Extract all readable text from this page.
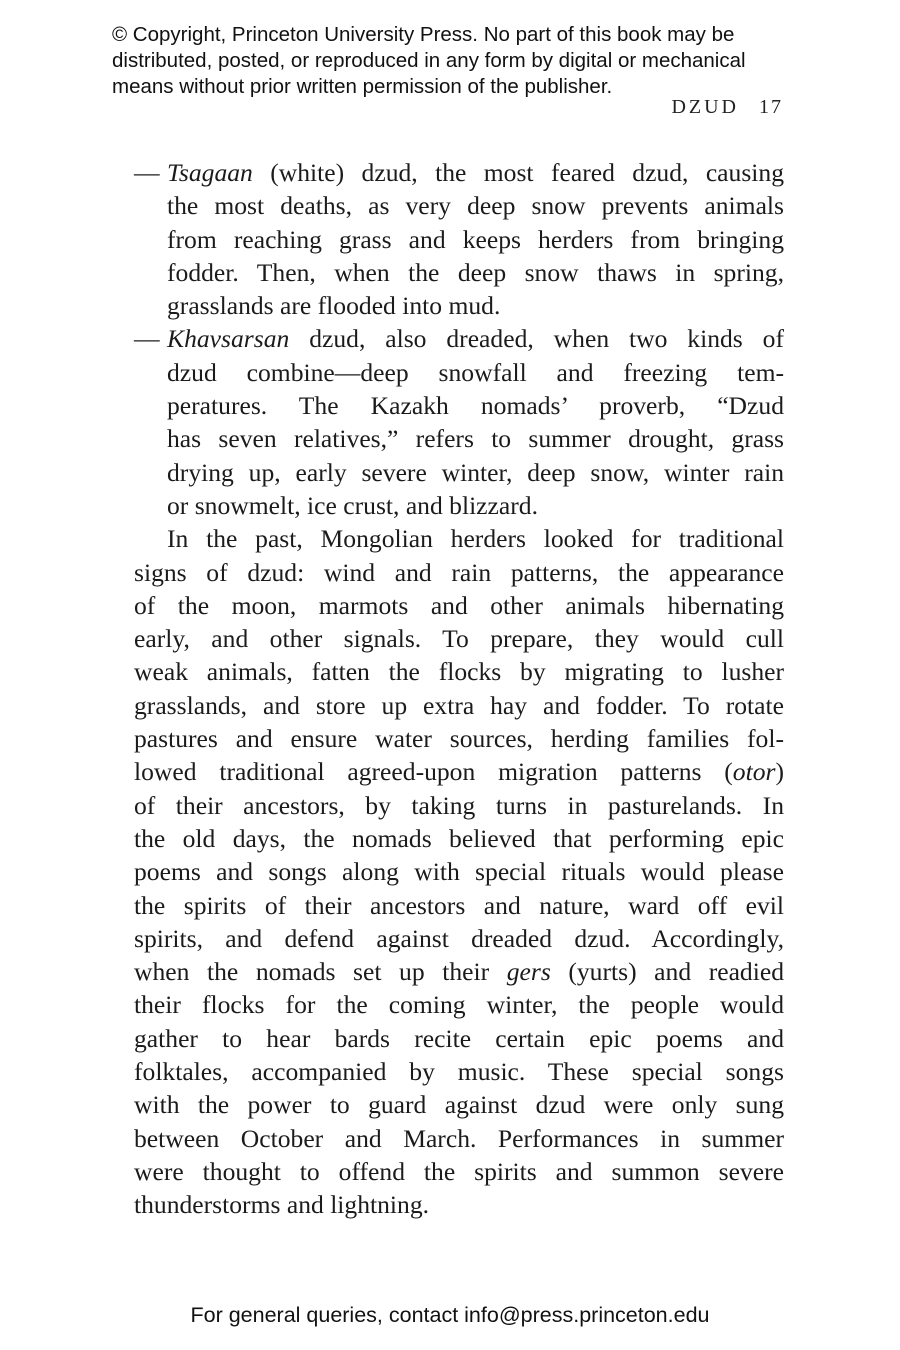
© Copyright, Princeton University Press. No part of this book may be
distributed, posted, or reproduced in any form by digital or mechanical
means without prior written permission of the publisher.
DZUD 17
— Tsagaan (white) dzud, the most feared dzud, causing
the most deaths, as very deep snow prevents animals
from reaching grass and keeps herders from bringing
fodder. Then, when the deep snow thaws in spring,
grasslands are flooded into mud.
— Khavsarsan dzud, also dreaded, when two kinds of
dzud combine—deep snowfall and freezing tem-
peratures. The Kazakh nomads’ proverb, “Dzud
has seven relatives,” refers to summer drought, grass
drying up, early severe winter, deep snow, winter rain
or snowmelt, ice crust, and blizzard.
In the past, Mongolian herders looked for traditional
signs of dzud: wind and rain patterns, the appearance
of the moon, marmots and other animals hibernating
early, and other signals. To prepare, they would cull
weak animals, fatten the flocks by migrating to lusher
grasslands, and store up extra hay and fodder. To rotate
pastures and ensure water sources, herding families fol-
lowed traditional agreed-upon migration patterns (otor)
of their ancestors, by taking turns in pasturelands. In
the old days, the nomads believed that performing epic
poems and songs along with special rituals would please
the spirits of their ancestors and nature, ward off evil
spirits, and defend against dreaded dzud. Accordingly,
when the nomads set up their gers (yurts) and readied
their flocks for the coming winter, the people would
gather to hear bards recite certain epic poems and
folktales, accompanied by music. These special songs
with the power to guard against dzud were only sung
between October and March. Performances in summer
were thought to offend the spirits and summon severe
thunderstorms and lightning.
For general queries, contact info@press.princeton.edu
